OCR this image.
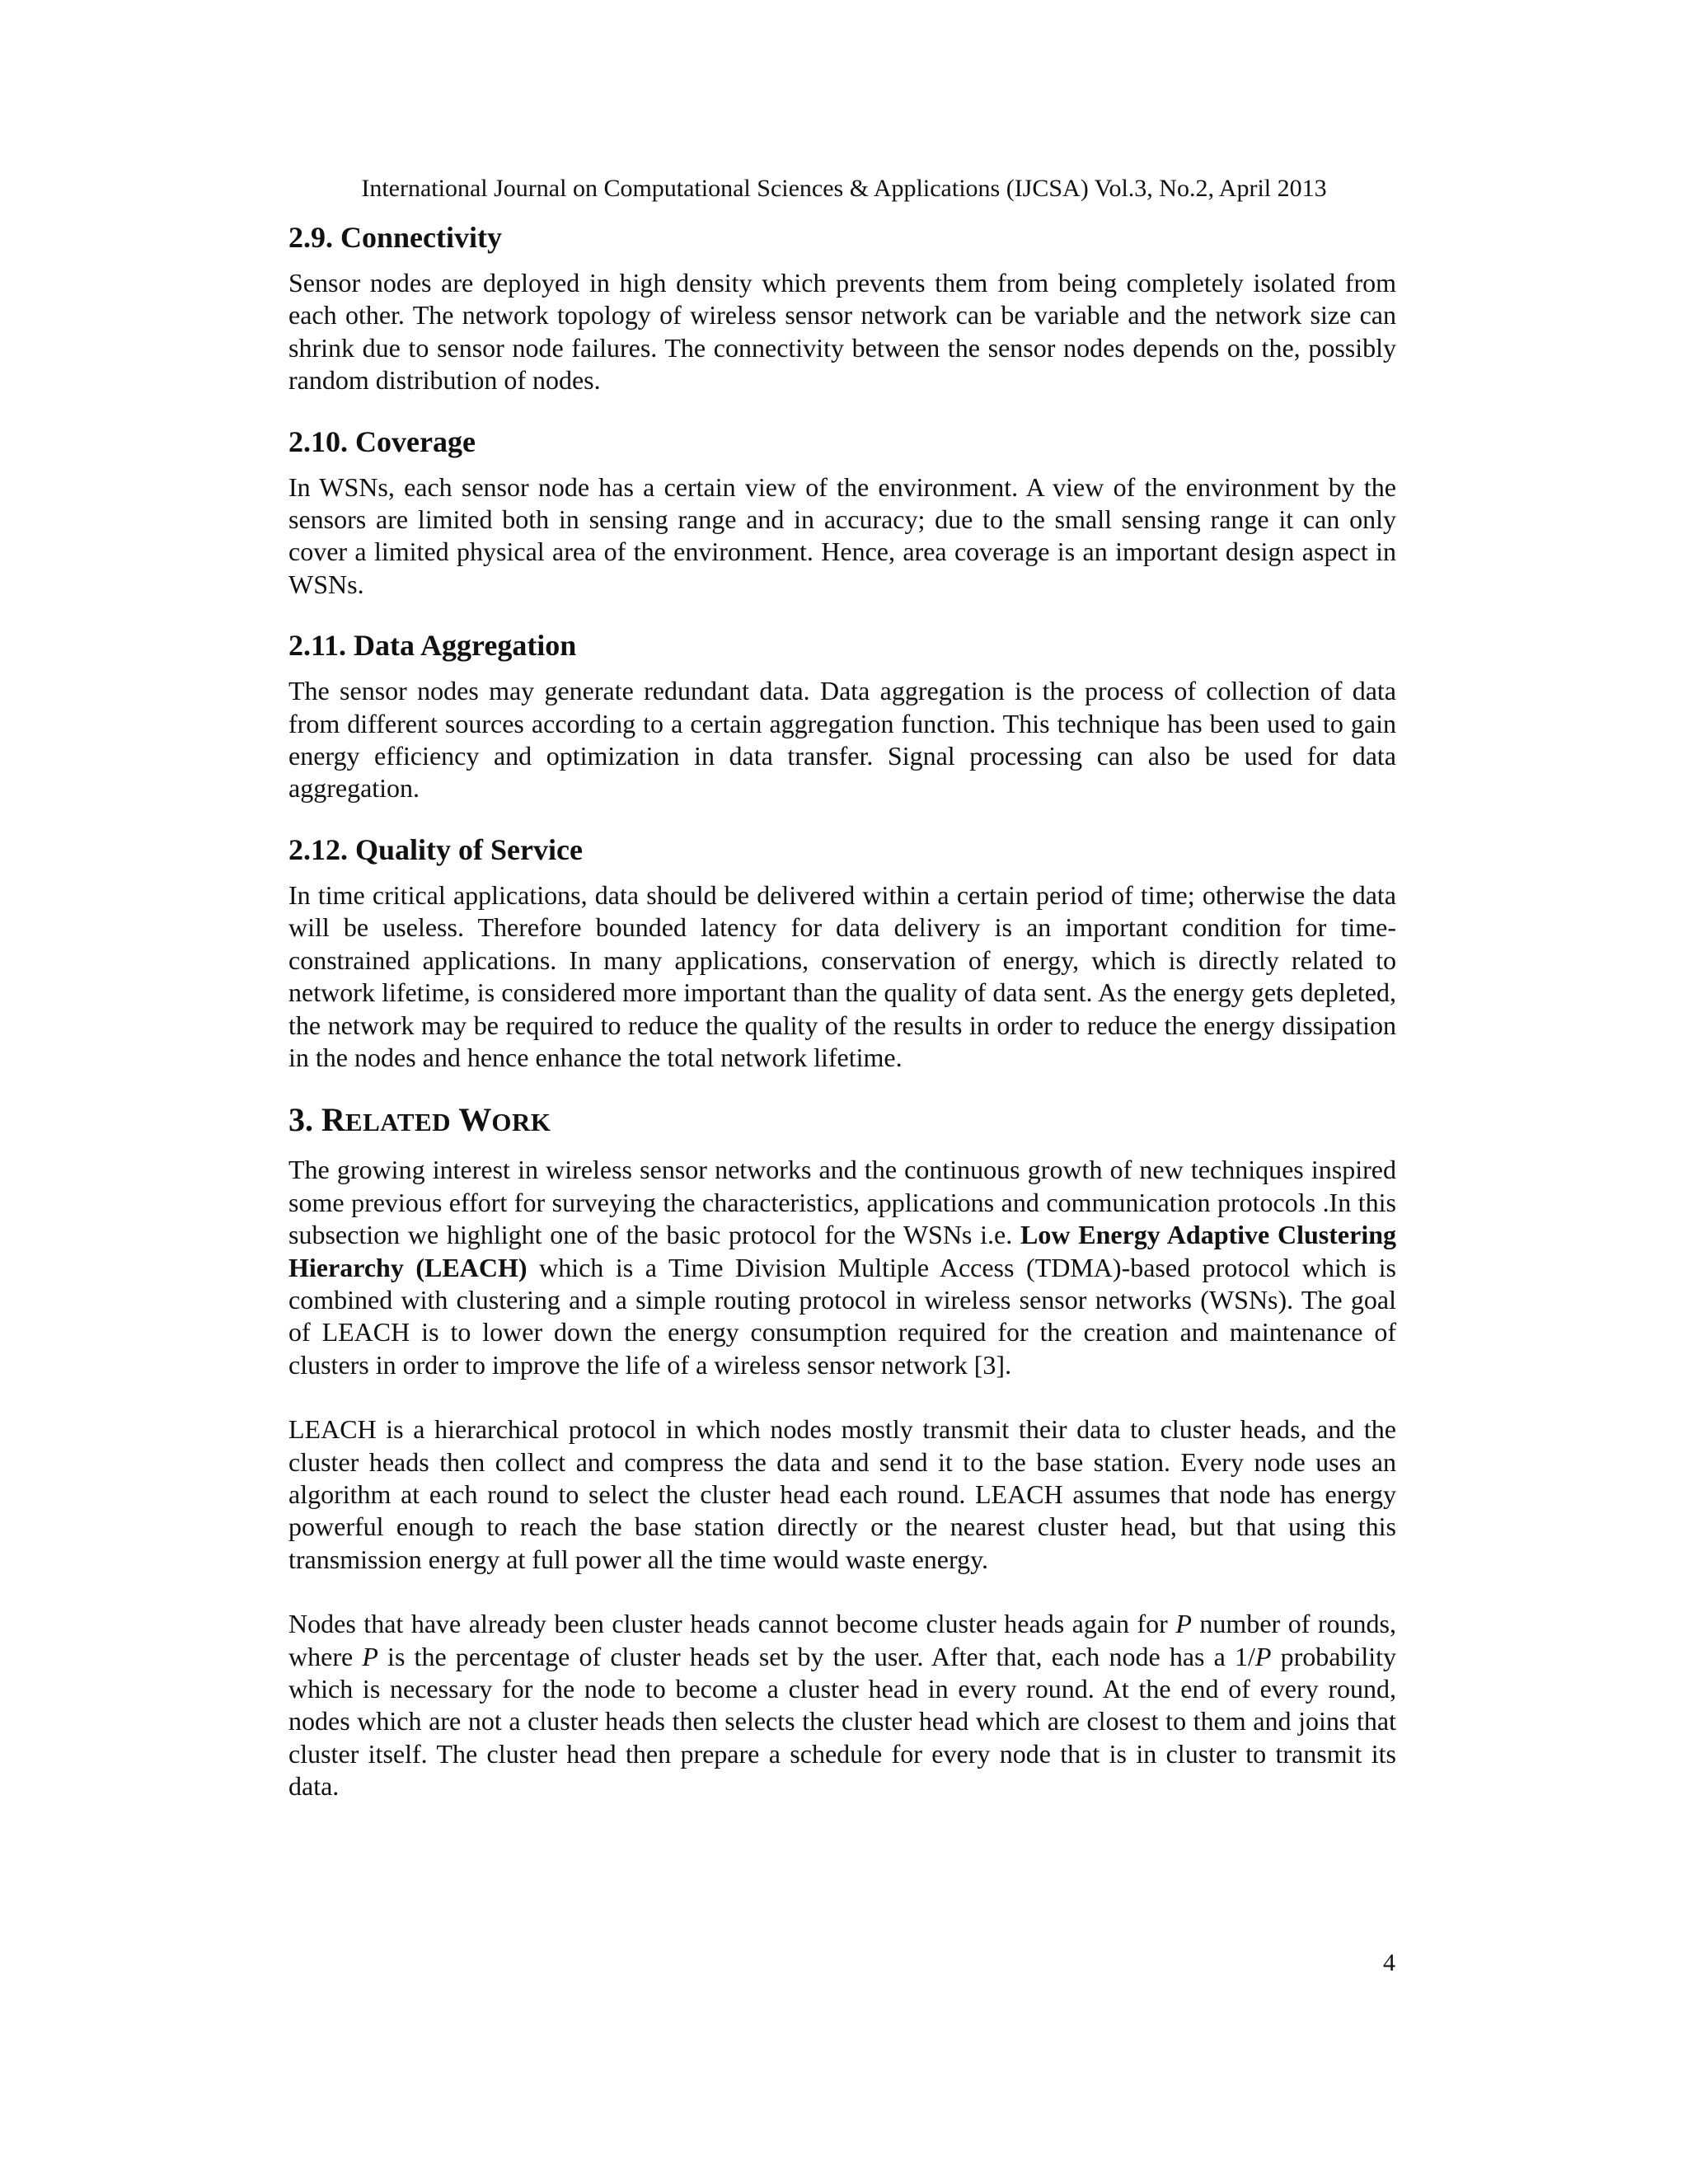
International Journal on Computational Sciences & Applications (IJCSA) Vol.3, No.2, April 2013
2.9. Connectivity

Sensor nodes are deployed in high density which prevents them from being completely isolated from each other. The network topology of wireless sensor network can be variable and the network size can shrink due to sensor node failures. The connectivity between the sensor nodes depends on the, possibly random distribution of nodes.

2.10. Coverage

In WSNs, each sensor node has a certain view of the environment. A view of the environment by the sensors are limited both in sensing range and in accuracy; due to the small sensing range it can only cover a limited physical area of the environment. Hence, area coverage is an important design aspect in WSNs.

2.11. Data Aggregation

The sensor nodes may generate redundant data. Data aggregation is the process of collection of data from different sources according to a certain aggregation function. This technique has been used to gain energy efficiency and optimization in data transfer. Signal processing can also be used for data aggregation.

2.12. Quality of Service

In time critical applications, data should be delivered within a certain period of time; otherwise the data will be useless. Therefore bounded latency for data delivery is an important condition for time-constrained applications. In many applications, conservation of energy, which is directly related to network lifetime, is considered more important than the quality of data sent. As the energy gets depleted, the network may be required to reduce the quality of the results in order to reduce the energy dissipation in the nodes and hence enhance the total network lifetime.

3. RELATED WORK

The growing interest in wireless sensor networks and the continuous growth of new techniques inspired some previous effort for surveying the characteristics, applications and communication protocols .In this subsection we highlight one of the basic protocol for the WSNs i.e. Low Energy Adaptive Clustering Hierarchy (LEACH) which is a Time Division Multiple Access (TDMA)-based protocol which is combined with clustering and a simple routing protocol in wireless sensor networks (WSNs). The goal of LEACH is to lower down the energy consumption required for the creation and maintenance of clusters in order to improve the life of a wireless sensor network [3].

LEACH is a hierarchical protocol in which nodes mostly transmit their data to cluster heads, and the cluster heads then collect and compress the data and send it to the base station. Every node uses an algorithm at each round to select the cluster head each round. LEACH assumes that node has energy powerful enough to reach the base station directly or the nearest cluster head, but that using this transmission energy at full power all the time would waste energy.

Nodes that have already been cluster heads cannot become cluster heads again for P number of rounds, where P is the percentage of cluster heads set by the user. After that, each node has a 1/P probability which is necessary for the node to become a cluster head in every round. At the end of every round, nodes which are not a cluster heads then selects the cluster head which are closest to them and joins that cluster itself. The cluster head then prepare a schedule for every node that is in cluster to transmit its data.

4
